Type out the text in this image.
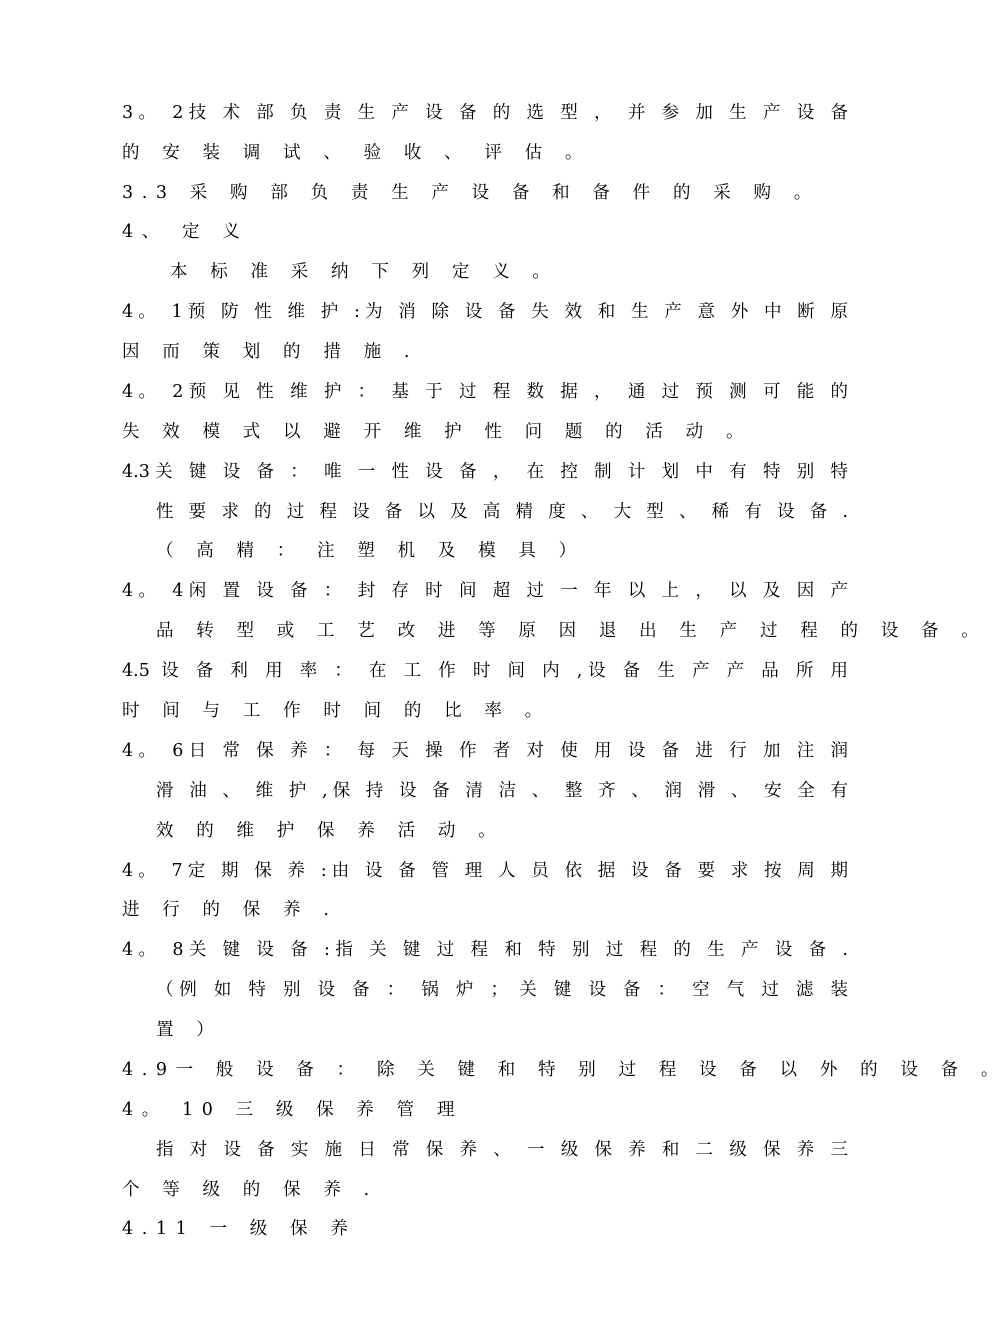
3。 2技 术 部 负 责 生 产 设 备 的 选 型 ， 并 参 加 生 产 设 备
的 安 装 调 试 、 验 收 、 评 估 。
3.3 采 购 部 负 责 生 产 设 备 和 备 件 的 采 购 。
4、 定 义
本 标 准 采 纳 下 列 定 义 。
4。 1预 防 性 维 护 :为 消 除 设 备 失 效 和 生 产 意 外 中 断 原
因 而 策 划 的 措 施 .
4。 2预 见 性 维 护 ： 基 于 过 程 数 据 ， 通 过 预 测 可 能 的
失 效 模 式 以 避 开 维 护 性 问 题 的 活 动 。
4.3关 键 设 备 ： 唯 一 性 设 备 ， 在 控 制 计 划 中 有 特 别 特
性 要 求 的 过 程 设 备 以 及 高 精 度 、 大 型 、 稀 有 设 备 .
（ 高 精 ： 注 塑 机 及 模 具 ）
4。 4闲 置 设 备 ： 封 存 时 间 超 过 一 年 以 上 ， 以 及 因 产
品 转 型 或 工 艺 改 进 等 原 因 退 出 生 产 过 程 的 设 备 。
4.5 设 备 利 用 率 ： 在 工 作 时 间 内 ,设 备 生 产 产 品 所 用
时 间 与 工 作 时 间 的 比 率 。
4。 6日 常 保 养 ： 每 天 操 作 者 对 使 用 设 备 进 行 加 注 润
滑 油 、 维 护 ,保 持 设 备 清 洁 、 整 齐 、 润 滑 、 安 全 有
效 的 维 护 保 养 活 动 。
4。 7定 期 保 养 :由 设 备 管 理 人 员 依 据 设 备 要 求 按 周 期
进 行 的 保 养 .
4。 8关 键 设 备 :指 关 键 过 程 和 特 别 过 程 的 生 产 设 备 .
（例 如 特 别 设 备 ： 锅 炉 ； 关 键 设 备 ： 空 气 过 滤 装
置 ）
4.9一 般 设 备 ： 除 关 键 和 特 别 过 程 设 备 以 外 的 设 备 。
4。 10 三 级 保 养 管 理
指 对 设 备 实 施 日 常 保 养 、 一 级 保 养 和 二 级 保 养 三
个 等 级 的 保 养 .
4.11 一 级 保 养
